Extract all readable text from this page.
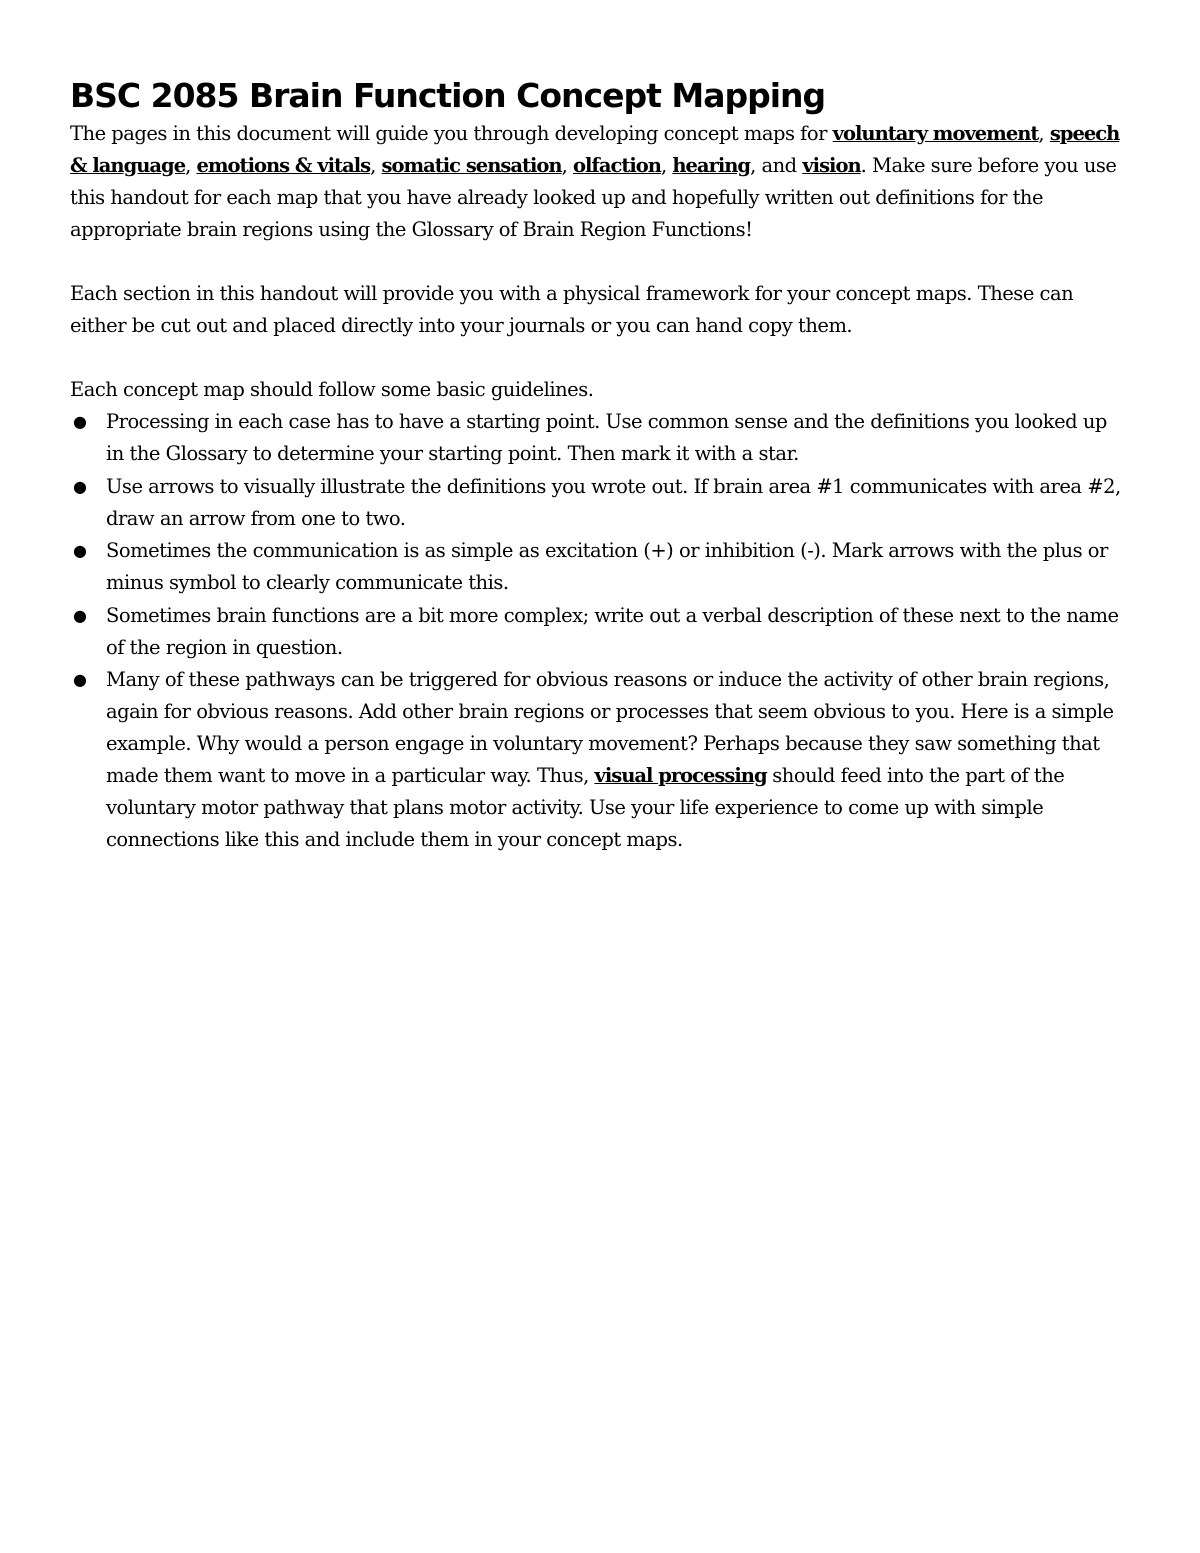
BSC 2085 Brain Function Concept Mapping

The pages in this document will guide you through developing concept maps for voluntary movement, speech & language, emotions & vitals, somatic sensation, olfaction, hearing, and vision. Make sure before you use this handout for each map that you have already looked up and hopefully written out definitions for the appropriate brain regions using the Glossary of Brain Region Functions!

Each section in this handout will provide you with a physical framework for your concept maps. These can either be cut out and placed directly into your journals or you can hand copy them.

Each concept map should follow some basic guidelines.

● Processing in each case has to have a starting point. Use common sense and the definitions you looked up in the Glossary to determine your starting point. Then mark it with a star.
● Use arrows to visually illustrate the definitions you wrote out. If brain area #1 communicates with area #2, draw an arrow from one to two.
● Sometimes the communication is as simple as excitation (+) or inhibition (-). Mark arrows with the plus or minus symbol to clearly communicate this.
● Sometimes brain functions are a bit more complex; write out a verbal description of these next to the name of the region in question.
● Many of these pathways can be triggered for obvious reasons or induce the activity of other brain regions, again for obvious reasons. Add other brain regions or processes that seem obvious to you. Here is a simple example. Why would a person engage in voluntary movement? Perhaps because they saw something that made them want to move in a particular way. Thus, visual processing should feed into the part of the voluntary motor pathway that plans motor activity. Use your life experience to come up with simple connections like this and include them in your concept maps.
